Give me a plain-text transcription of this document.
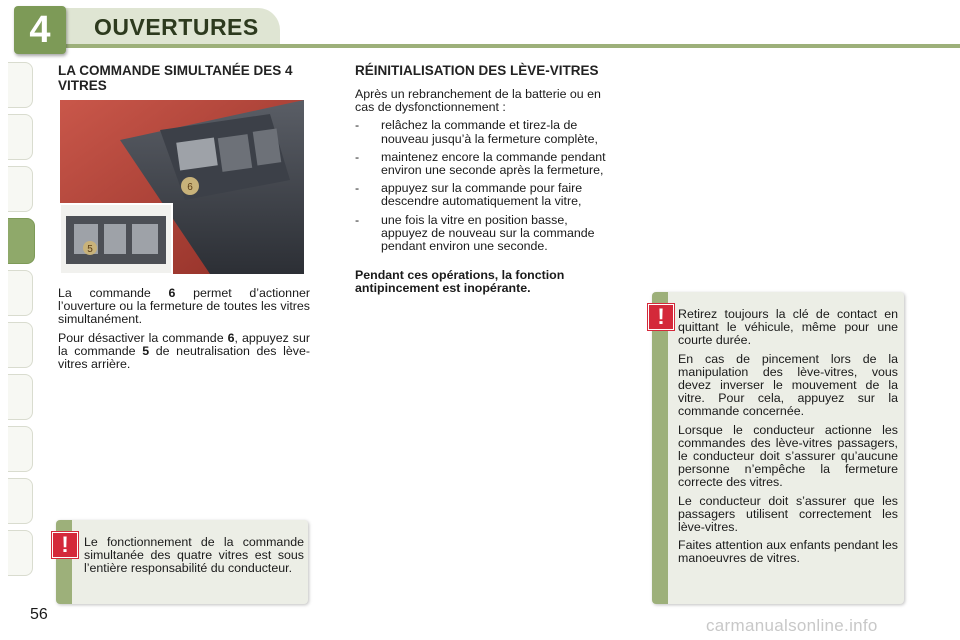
4	OUVERTURES
LA COMMANDE SIMULTANÉE DES 4 VITRES
6
5

La commande 6 permet d’actionner l’ouverture ou la fermeture de toutes les vitres simultanément.

Pour désactiver la commande 6, appuyez sur la commande 5 de neutralisation des lève-vitres arrière.

Le fonctionnement de la commande simultanée des quatre vitres est sous l’entière responsabilité du conducteur.

!
RÉINITIALISATION DES LÈVE-VITRES

Après un rebranchement de la batterie ou en cas de dysfonctionnement :

- relâchez la commande et tirez-la de nouveau jusqu’à la fermeture complète,
- maintenez encore la commande pendant environ une seconde après la fermeture,
- appuyez sur la commande pour faire descendre automatiquement la vitre,
- une fois la vitre en position basse, appuyez de nouveau sur la commande pendant environ une seconde.

Pendant ces opérations, la fonction antipincement est inopérante.

Retirez toujours la clé de contact en quittant le véhicule, même pour une courte durée.

En cas de pincement lors de la manipulation des lève-vitres, vous devez inverser le mouvement de la vitre. Pour cela, appuyez sur la commande concernée.

Lorsque le conducteur actionne les commandes des lève-vitres passagers, le conducteur doit s’assurer qu’aucune personne n’empêche la fermeture correcte des vitres.

Le conducteur doit s’assurer que les passagers utilisent correctement les lève-vitres.

Faites attention aux enfants pendant les manoeuvres de vitres.

!
56
carmanualsonline.info
